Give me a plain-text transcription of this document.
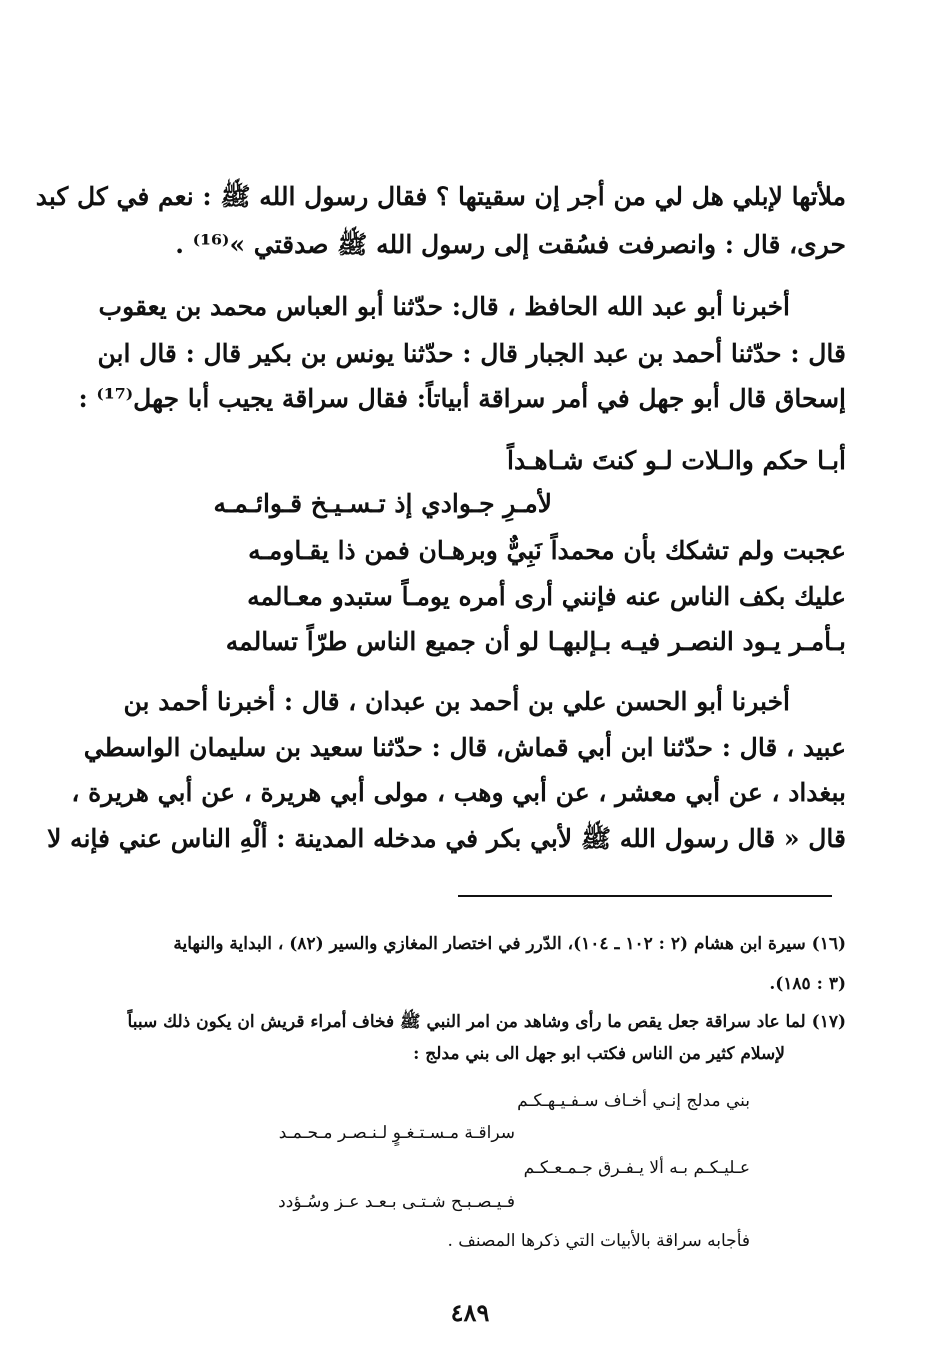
ملأتها لإبلي هل لي من أجر إن سقيتها ؟ فقال رسول الله ﷺ : نعم في كل كبد
حرى، قال : وانصرفت فسُقت إلى رسول الله ﷺ صدقتي »⁽¹⁶⁾ .
أخبرنا أبو عبد الله الحافظ ، قال: حدّثنا أبو العباس محمد بن يعقوب
قال : حدّثنا أحمد بن عبد الجبار قال : حدّثنا يونس بن بكير قال : قال ابن
إسحاق قال أبو جهل في أمر سراقة أبياتاً: فقال سراقة يجيب أبا جهل⁽¹⁷⁾ :
أبـا حكم والـلات لـو كنتَ شـاهـداً
لأمـرِ جـوادي إذ تـسـيـخ قـوائـمـه
عجبت ولم تشكك بأن محمداً نَبِيٌّ وبرهـان فمن ذا يقـاومـه
عليك بكف الناس عنه فإنني أرى أمره يومـاً ستبدو معـالمه
بـأمـر يـود النصـر فيـه بـإلبهـا لو أن جميع الناس طرّاً تسالمه
أخبرنا أبو الحسن علي بن أحمد بن عبدان ، قال : أخبرنا أحمد بن
عبيد ، قال : حدّثنا ابن أبي قماش، قال : حدّثنا سعيد بن سليمان الواسطي
ببغداد ، عن أبي معشر ، عن أبي وهب ، مولى أبي هريرة ، عن أبي هريرة ،
قال « قال رسول الله ﷺ لأبي بكر في مدخله المدينة : ألْهِ الناس عني فإنه لا
(١٦) سيرة ابن هشام (٢ : ١٠٢ ـ ١٠٤)، الدّرر في اختصار المغازي والسير (٨٢) ، البداية والنهاية
(٣ : ١٨٥).
(١٧) لما عاد سراقة جعل يقص ما رأى وشاهد من امر النبي ﷺ فخاف أمراء قريش ان يكون ذلك سبباً
لإسلام كثير من الناس فكتب ابو جهل الى بني مدلج :
بني مدلج إنـي أخـاف سـفـيـهـكـم
سراقـة مـسـتـغـوٍ لـنـصـر مـحـمـد
عـليـكـم بـه ألا يـفـرق جـمـعـكـم
فـيـصـبـح شـتـى بـعـد عـز وسُـؤدد
فأجابه سراقة بالأبيات التي ذكرها المصنف .
٤٨٩
